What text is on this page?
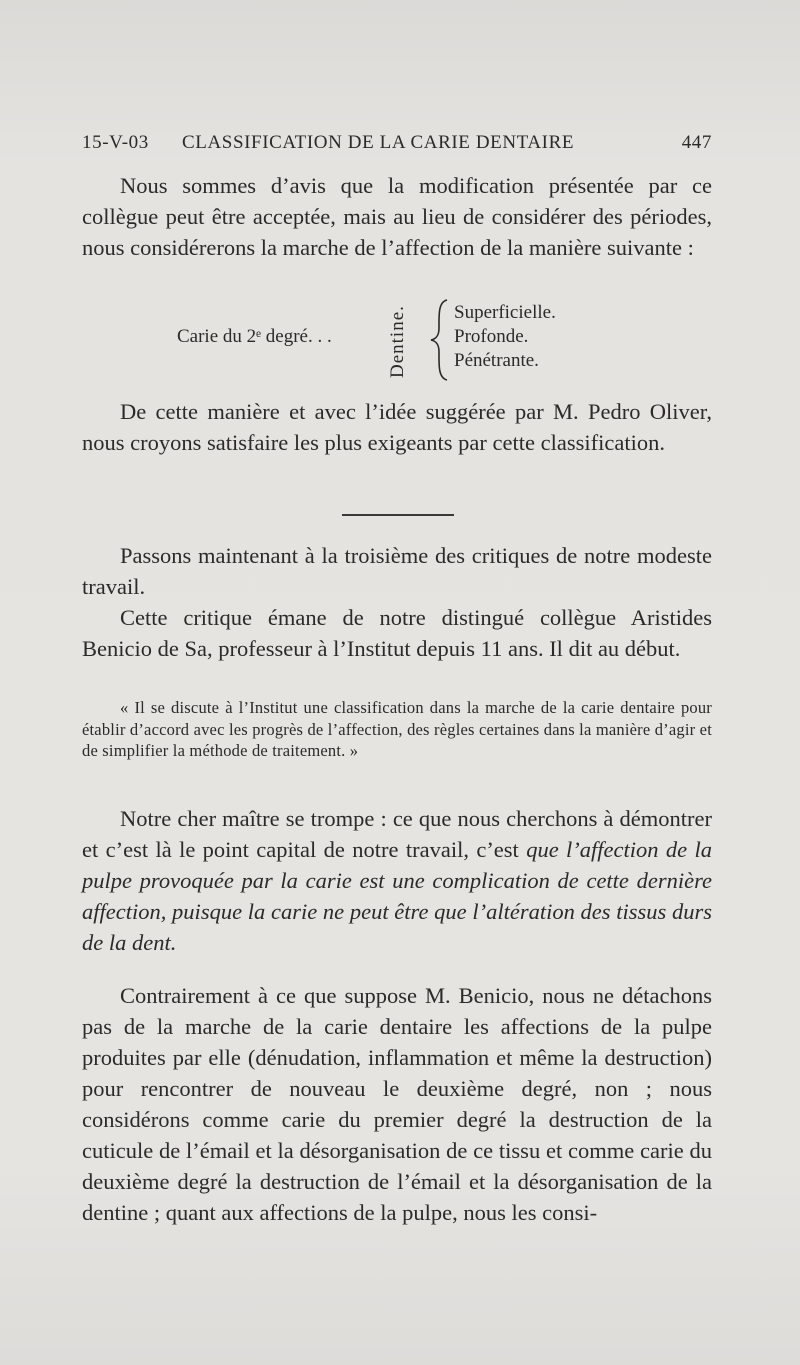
15-V-03 CLASSIFICATION DE LA CARIE DENTAIRE	447

Nous sommes d’avis que la modification présentée par ce collègue peut être acceptée, mais au lieu de considérer des périodes, nous considérerons la marche de l’affection de la manière suivante :

Carie du 2ᵉ degré. . .	Dentine. Superficielle.
Profonde.
Pénétrante.

De cette manière et avec l’idée suggérée par M. Pedro Oliver, nous croyons satisfaire les plus exigeants par cette classification.

Passons maintenant à la troisième des critiques de notre modeste travail.

Cette critique émane de notre distingué collègue Aristides Benicio de Sa, professeur à l’Institut depuis 11 ans. Il dit au début.

« Il se discute à l’Institut une classification dans la marche de la carie dentaire pour établir d’accord avec les progrès de l’affection, des règles certaines dans la manière d’agir et de simplifier la méthode de traitement. »

Notre cher maître se trompe : ce que nous cherchons à démontrer et c’est là le point capital de notre travail, c’est que l’affection de la pulpe provoquée par la carie est une complication de cette dernière affection, puisque la carie ne peut être que l’altération des tissus durs de la dent.

Contrairement à ce que suppose M. Benicio, nous ne détachons pas de la marche de la carie dentaire les affections de la pulpe produites par elle (dénudation, inflammation et même la destruction) pour rencontrer de nouveau le deuxième degré, non ; nous considérons comme carie du premier degré la destruction de la cuticule de l’émail et la désorganisation de ce tissu et comme carie du deuxième degré la destruction de l’émail et la désorganisation de la dentine ; quant aux affections de la pulpe, nous les consi-
